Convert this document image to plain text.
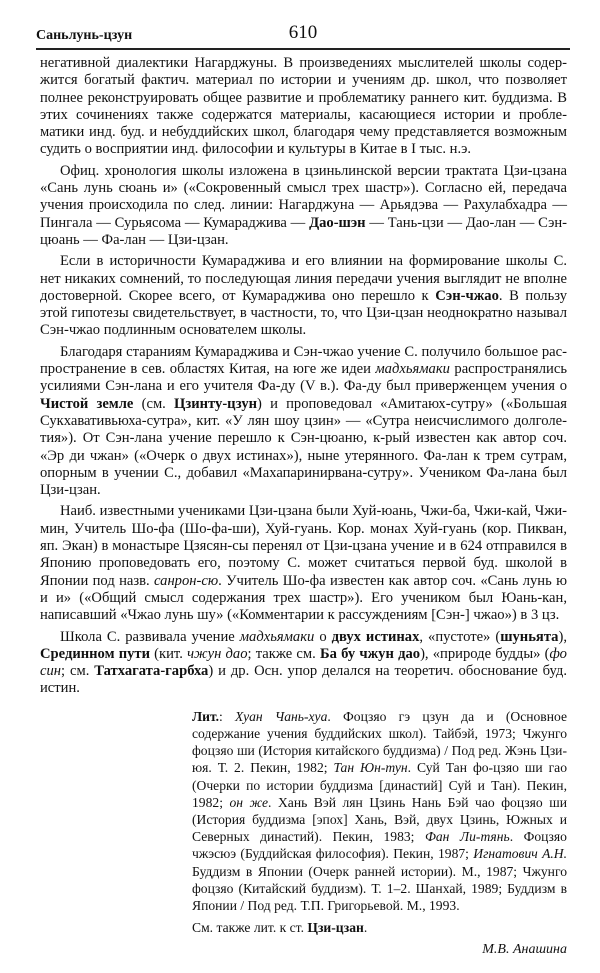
Саньлунь-цзун	610

негативной диалектики Нагарджуны. В произведениях мыслителей школы содержится богатый фактич. материал по истории и учениям др. школ, что позволяет полнее реконструировать общее развитие и проблематику раннего кит. буддизма. В этих сочинениях также содержатся материалы, касающиеся истории и проблематики инд. буд. и небуддийских школ, благодаря чему представляется возможным судить о восприятии инд. философии и культуры в Китае в I тыс. н.э.

Офиц. хронология школы изложена в цзиньлинской версии трактата Цзи-цзана «Сань лунь сюань и» («Сокровенный смысл трех шастр»). Согласно ей, передача учения происходила по след. линии: Нагарджуна — Арьядэва — Рахулабхадра — Пингала — Сурьясома — Кумараджива — Дао-шэн — Тань-цзи — Дао-лан — Сэн-цюань — Фа-лан — Цзи-цзан.

Если в историчности Кумараджива и его влиянии на формирование школы С. нет никаких сомнений, то последующая линия передачи учения выглядит не вполне достоверной. Скорее всего, от Кумараджива оно перешло к Сэн-чжао. В пользу этой гипотезы свидетельствует, в частности, то, что Цзи-цзан неоднократно называл Сэн-чжао подлинным основателем школы.

Благодаря стараниям Кумараджива и Сэн-чжао учение С. получило большое распространение в сев. областях Китая, на юге же идеи мадхьямаки распространялись усилиями Сэн-лана и его учителя Фа-ду (V в.). Фа-ду был приверженцем учения о Чистой земле (см. Цзинту-цзун) и проповедовал «Амитаюх-сутру» («Большая Сукхавативьюха-сутра», кит. «У лян шоу цзин» — «Сутра неисчислимого долголетия»). От Сэн-лана учение перешло к Сэн-цюаню, к-рый известен как автор соч. «Эр ди чжан» («Очерк о двух истинах»), ныне утерянного. Фа-лан к трем сутрам, опорным в учении С., добавил «Махапаринирвана-сутру». Учеником Фа-лана был Цзи-цзан.

Наиб. известными учениками Цзи-цзана были Хуй-юань, Чжи-ба, Чжи-кай, Чжи-мин, Учитель Шо-фа (Шо-фа-ши), Хуй-гуань. Кор. монах Хуй-гуань (кор. Пикван, яп. Экан) в монастыре Цзясян-сы перенял от Цзи-цзана учение и в 624 отправился в Японию проповедовать его, поэтому С. может считаться первой буд. школой в Японии под назв. санрон-сю. Учитель Шо-фа известен как автор соч. «Сань лунь ю и и» («Общий смысл содержания трех шастр»). Его учеником был Юань-кан, написавший «Чжао лунь шу» («Комментарии к рассуждениям [Сэн-] чжао») в 3 цз.

Школа С. развивала учение мадхьямаки о двух истинах, «пустоте» (шуньята), Срединном пути (кит. чжун дао; также см. Ба бу чжун дао), «природе будды» (фо син; см. Татхагата-гарбха) и др. Осн. упор делался на теоретич. обоснование буд. истин.

Лит.: Хуан Чань-хуа. Фоцзяо гэ цзун да и (Основное содержание учения буддийских школ). Тайбэй, 1973; Чжунго фоцзяо ши (История китайского буддизма) / Под ред. Жэнь Цзи-юя. Т. 2. Пекин, 1982; Тан Юн-тун. Суй Тан фо-цзяо ши гао (Очерки по истории буддизма [династий] Суй и Тан). Пекин, 1982; он же. Хань Вэй лян Цзинь Нань Бэй чао фоцзяо ши (История буддизма [эпох] Хань, Вэй, двух Цзинь, Южных и Северных династий). Пекин, 1983; Фан Ли-тянь. Фоцзяо чжэсюэ (Буддийская философия). Пекин, 1987; Игнатович А.Н. Буддизм в Японии (Очерк ранней истории). М., 1987; Чжунго фоцзяо (Китайский буддизм). Т. 1–2. Шанхай, 1989; Буддизм в Японии / Под ред. Т.П. Григорьевой. М., 1993.

См. также лит. к ст. Цзи-цзан.

М.В. Анашина
